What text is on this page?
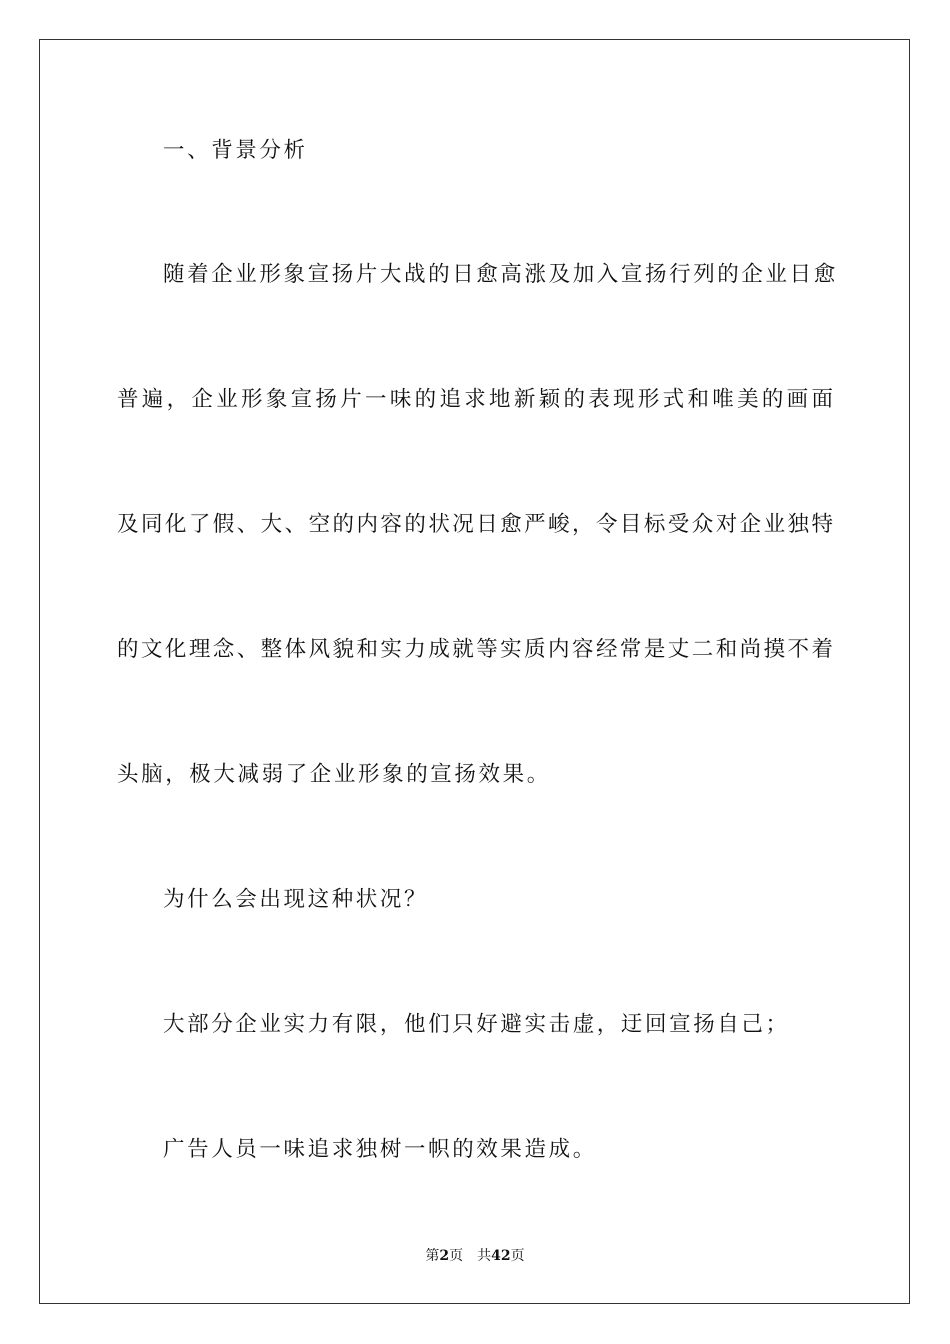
一、背景分析
随着企业形象宣扬片大战的日愈高涨及加入宣扬行列的企业日愈
普遍，企业形象宣扬片一味的追求地新颖的表现形式和唯美的画面
及同化了假、大、空的内容的状况日愈严峻，令目标受众对企业独特
的文化理念、整体风貌和实力成就等实质内容经常是丈二和尚摸不着
头脑，极大减弱了企业形象的宣扬效果。
为什么会出现这种状况？
大部分企业实力有限，他们只好避实击虚，迂回宣扬自己；
广告人员一味追求独树一帜的效果造成。
第2页 共42页
